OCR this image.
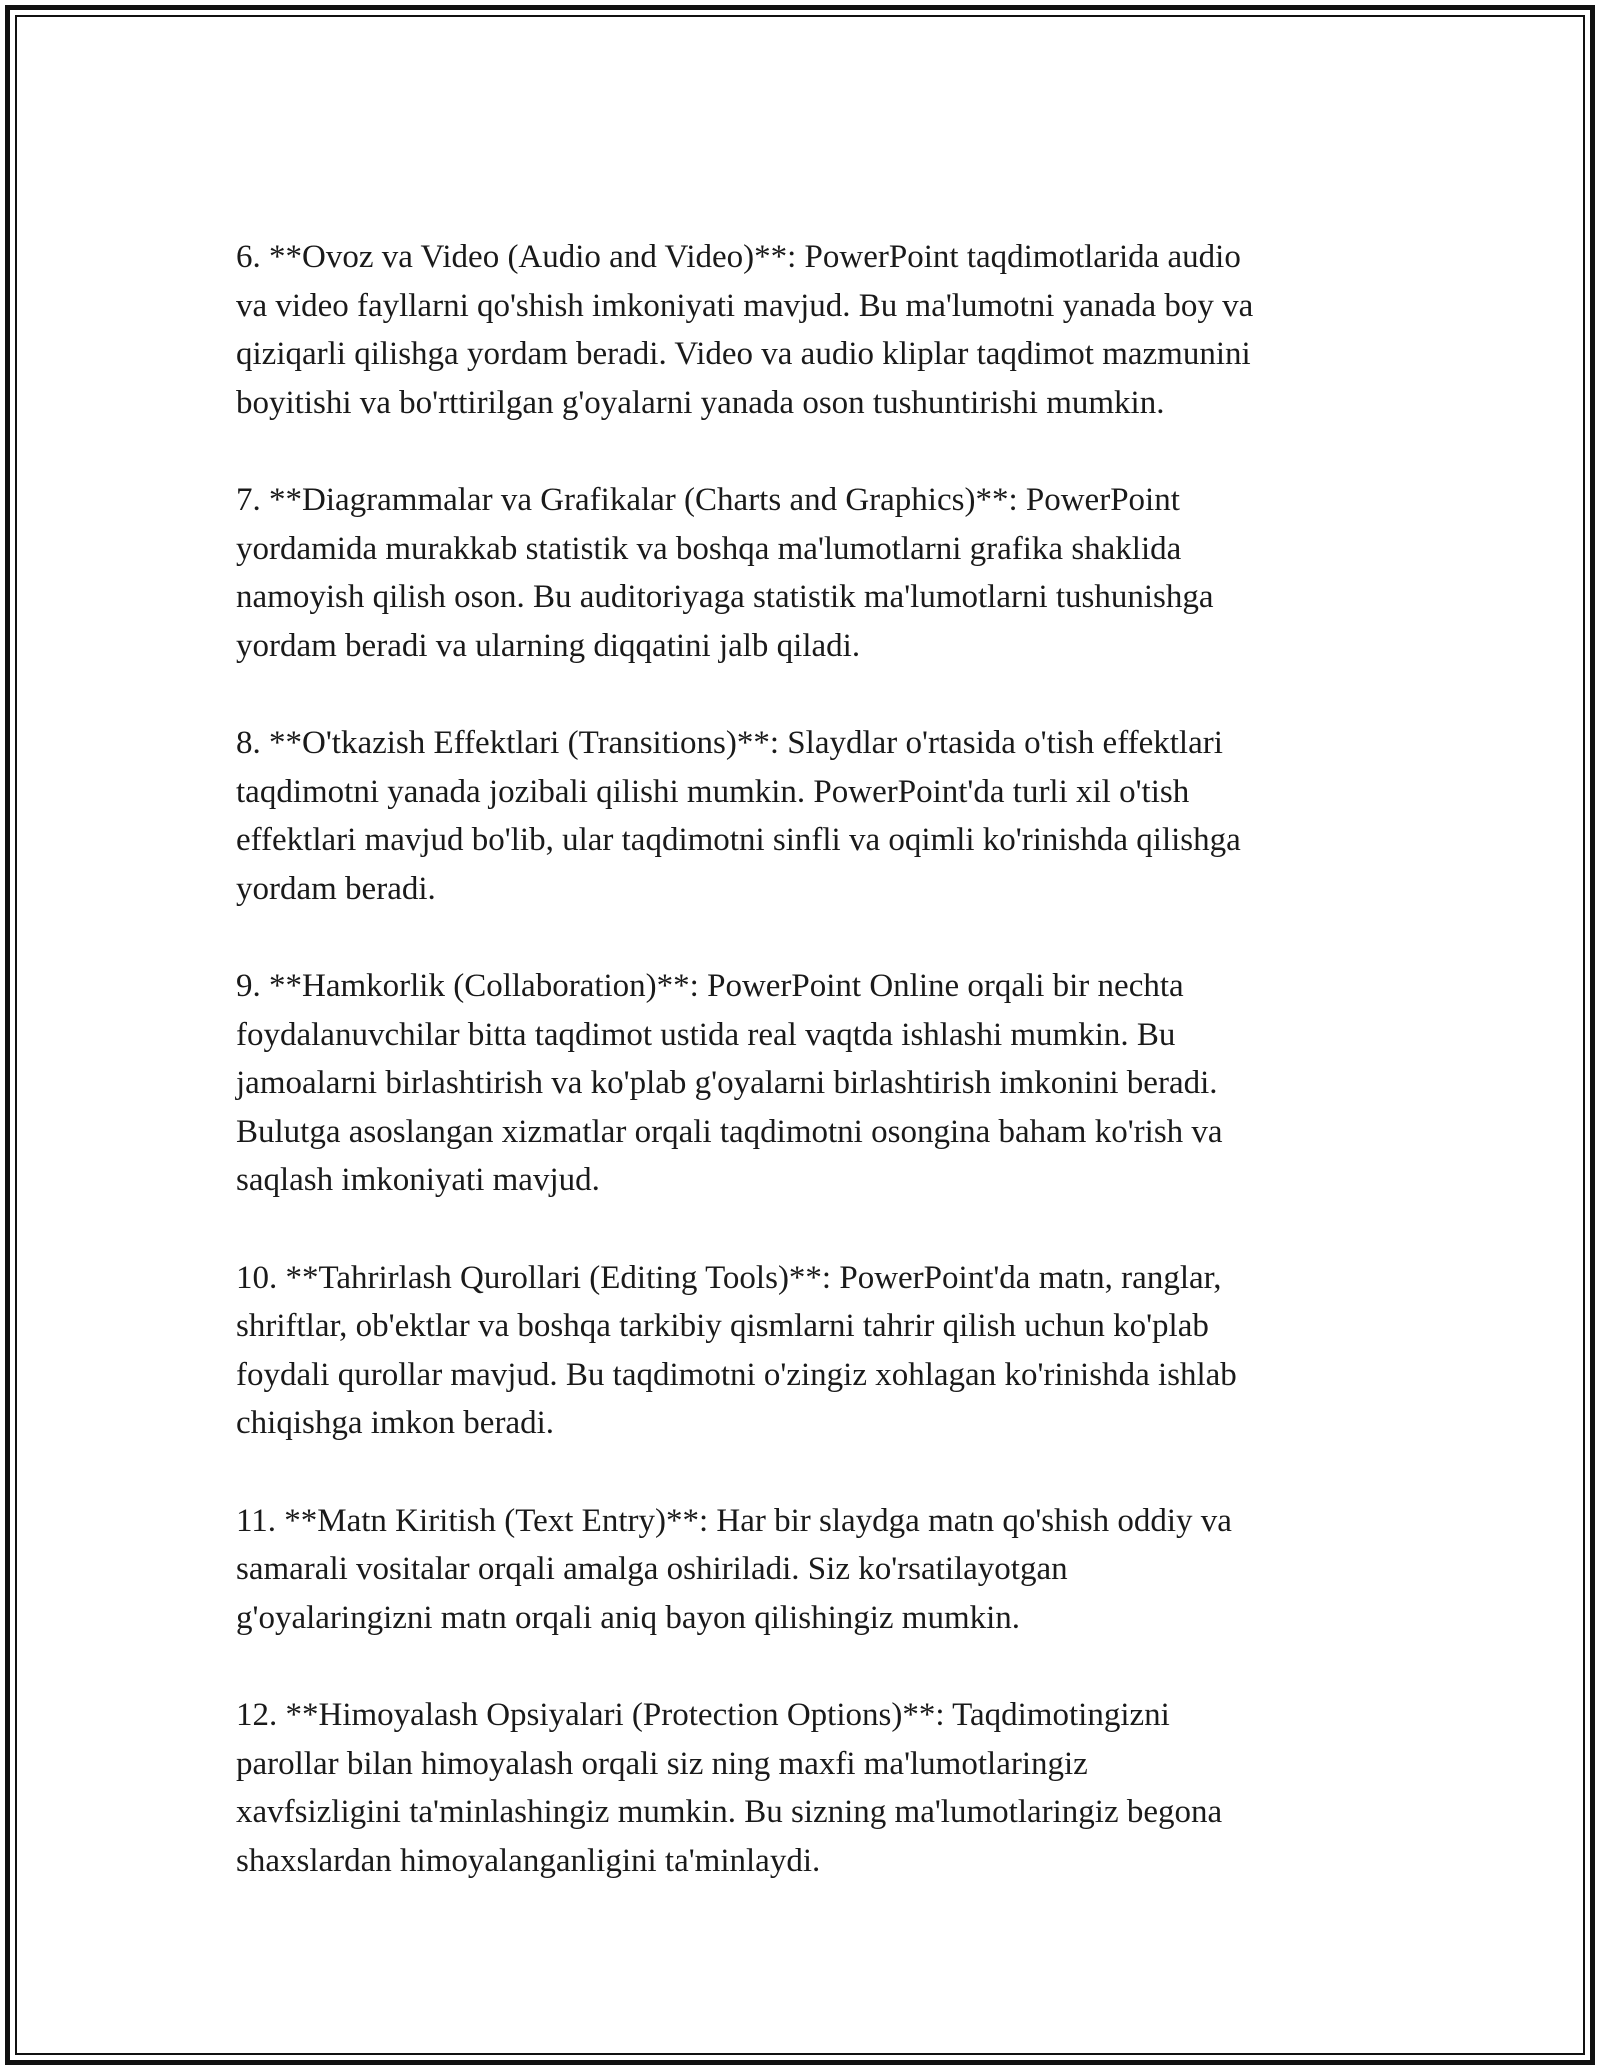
6. **Ovoz va Video (Audio and Video)**: PowerPoint taqdimotlarida audio
va video fayllarni qo'shish imkoniyati mavjud. Bu ma'lumotni yanada boy va
qiziqarli qilishga yordam beradi. Video va audio kliplar taqdimot mazmunini
boyitishi va bo'rttirilgan g'oyalarni yanada oson tushuntirishi mumkin.

7. **Diagrammalar va Grafikalar (Charts and Graphics)**: PowerPoint
yordamida murakkab statistik va boshqa ma'lumotlarni grafika shaklida
namoyish qilish oson. Bu auditoriyaga statistik ma'lumotlarni tushunishga
yordam beradi va ularning diqqatini jalb qiladi.

8. **O'tkazish Effektlari (Transitions)**: Slaydlar o'rtasida o'tish effektlari
taqdimotni yanada jozibali qilishi mumkin. PowerPoint'da turli xil o'tish
effektlari mavjud bo'lib, ular taqdimotni sinfli va oqimli ko'rinishda qilishga
yordam beradi.

9. **Hamkorlik (Collaboration)**: PowerPoint Online orqali bir nechta
foydalanuvchilar bitta taqdimot ustida real vaqtda ishlashi mumkin. Bu
jamoalarni birlashtirish va ko'plab g'oyalarni birlashtirish imkonini beradi.
Bulutga asoslangan xizmatlar orqali taqdimotni osongina baham ko'rish va
saqlash imkoniyati mavjud.

10. **Tahrirlash Qurollari (Editing Tools)**: PowerPoint'da matn, ranglar,
shriftlar, ob'ektlar va boshqa tarkibiy qismlarni tahrir qilish uchun ko'plab
foydali qurollar mavjud. Bu taqdimotni o'zingiz xohlagan ko'rinishda ishlab
chiqishga imkon beradi.

11. **Matn Kiritish (Text Entry)**: Har bir slaydga matn qo'shish oddiy va
samarali vositalar orqali amalga oshiriladi. Siz ko'rsatilayotgan
g'oyalaringizni matn orqali aniq bayon qilishingiz mumkin.

12. **Himoyalash Opsiyalari (Protection Options)**: Taqdimotingizni
parollar bilan himoyalash orqali siz ning maxfi ma'lumotlaringiz
xavfsizligini ta'minlashingiz mumkin. Bu sizning ma'lumotlaringiz begona
shaxslardan himoyalanganligini ta'minlaydi.
